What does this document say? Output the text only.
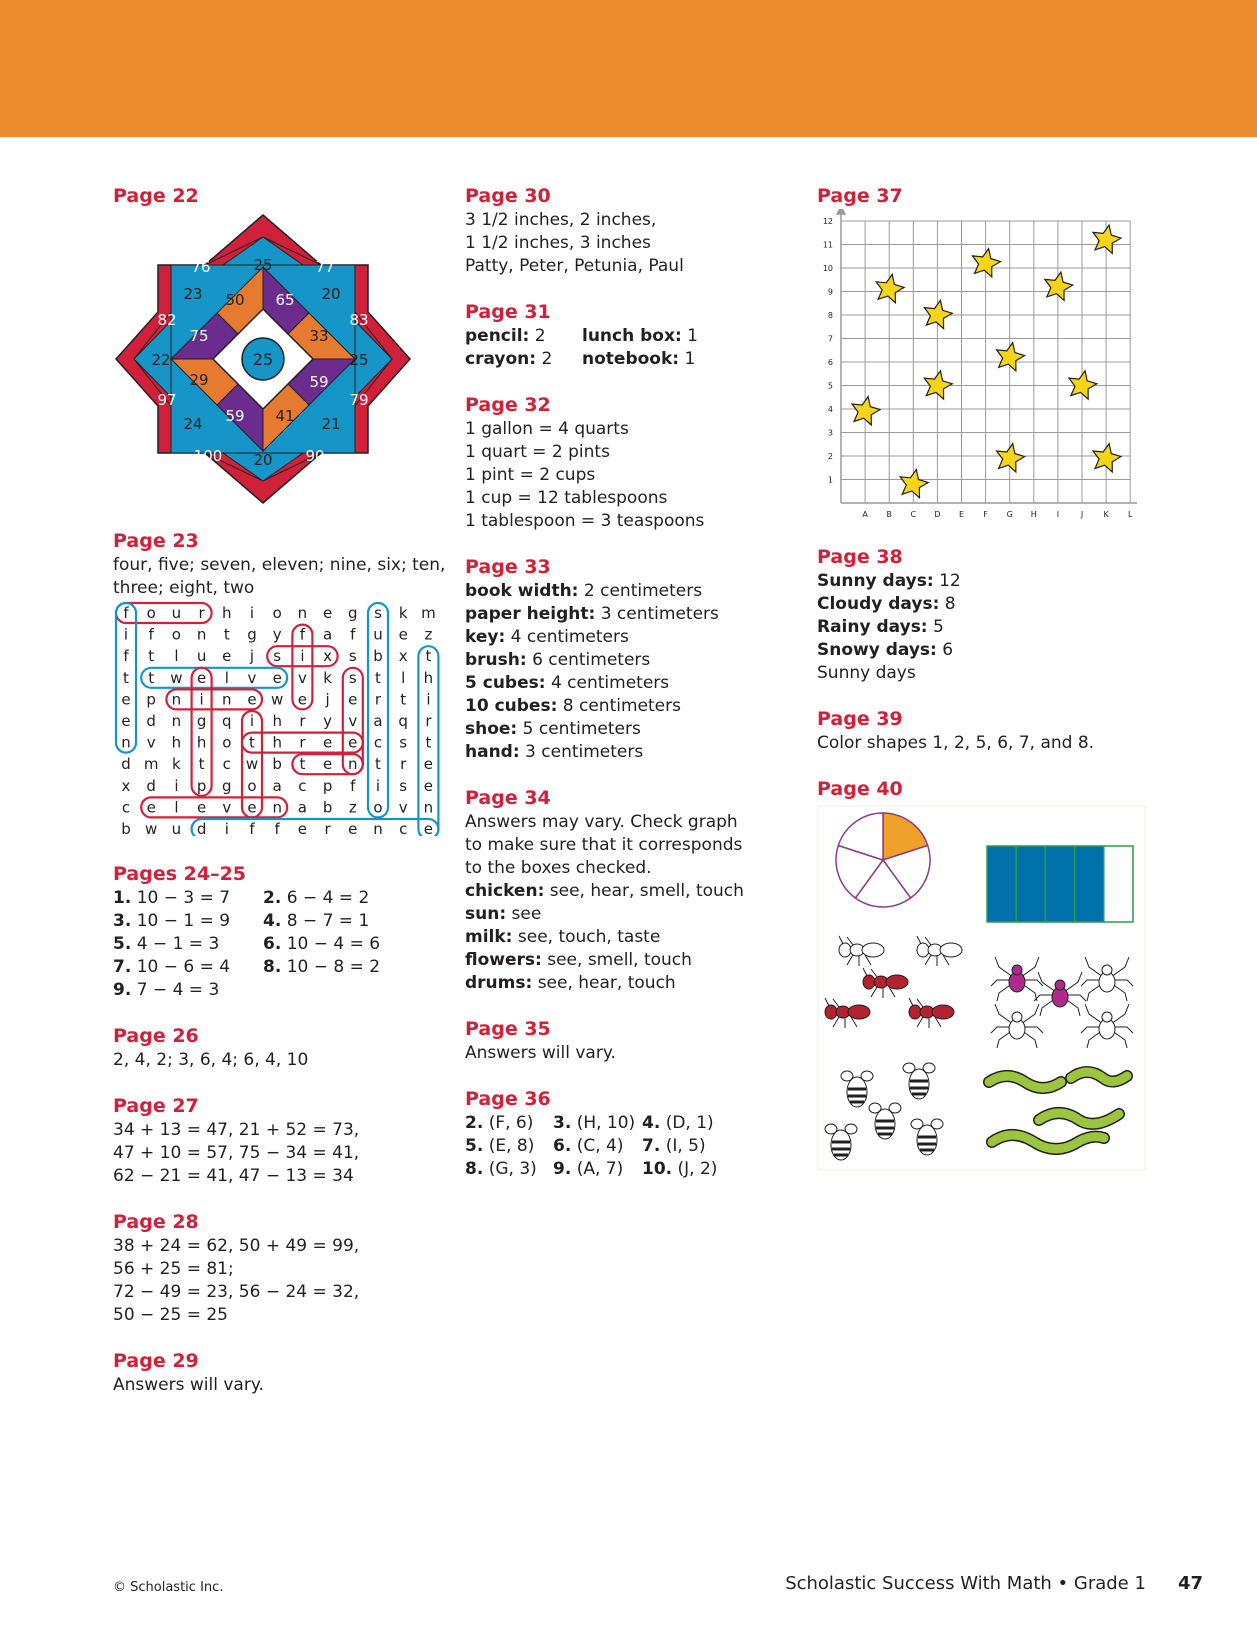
Page 22
25
76	25	77
83
25
79
90
20
100
97
22
82
23 50 65 20
33
59
21
41
59
24
29
75
Page 23
four, five; seven, eleven; nine, six; ten,
three; eight, two
f o u r h i o n e g s k m
i f o n t g y f a f u e z
f t l u e j s i x s b x t
t t w e l v e v k s t l h
e p n i n e w e j e r t i
e d n g q i h r y v a q r
n v h h o t h r e e c s t
d m k t c w b t e n t r e
x d i p g o a c p f i s e
c e l e v e n a b z o v n
b w u d i f f e r e n c e
Pages 24–25
1. 10 − 3 = 7	2. 6 − 4 = 2
3. 10 − 1 = 9	4. 8 − 7 = 1
5. 4 − 1 = 3	6. 10 − 4 = 6
7. 10 − 6 = 4	8. 10 − 8 = 2
9. 7 − 4 = 3
Page 26
2, 4, 2; 3, 6, 4; 6, 4, 10
Page 27
34 + 13 = 47, 21 + 52 = 73,
47 + 10 = 57, 75 − 34 = 41,
62 − 21 = 41, 47 − 13 = 34
Page 28
38 + 24 = 62, 50 + 49 = 99,
56 + 25 = 81;
72 − 49 = 23, 56 − 24 = 32,
50 − 25 = 25
Page 29
Answers will vary.
Page 30
3 1/2 inches, 2 inches,
1 1/2 inches, 3 inches
Patty, Peter, Petunia, Paul
Page 31
pencil: 2	lunch box: 1
crayon: 2	notebook: 1
Page 32
1 gallon = 4 quarts
1 quart = 2 pints
1 pint = 2 cups
1 cup = 12 tablespoons
1 tablespoon = 3 teaspoons
Page 33
book width: 2 centimeters
paper height: 3 centimeters
key: 4 centimeters
brush: 6 centimeters
5 cubes: 4 centimeters
10 cubes: 8 centimeters
shoe: 5 centimeters
hand: 3 centimeters
Page 34
Answers may vary. Check graph
to make sure that it corresponds
to the boxes checked.
chicken: see, hear, smell, touch
sun: see
milk: see, touch, taste
flowers: see, smell, touch
drums: see, hear, touch
Page 35
Answers will vary.
Page 36
2. (F, 6)	3. (H, 10) 4. (D, 1)
5. (E, 8)	6. (C, 4)	7. (I, 5)
8. (G, 3) 9. (A, 7)	10. (J, 2)
Page 37
A B C D E F G H I	J	K L
1
2
3
4
5
6
7
8
9
10
11
12
Page 38
Sunny days: 12
Cloudy days: 8
Rainy days: 5
Snowy days: 6
Sunny days
Page 39
Color shapes 1, 2, 5, 6, 7, and 8.
Page 40
© Scholastic Inc.	Scholastic Success With Math • Grade 1 47
